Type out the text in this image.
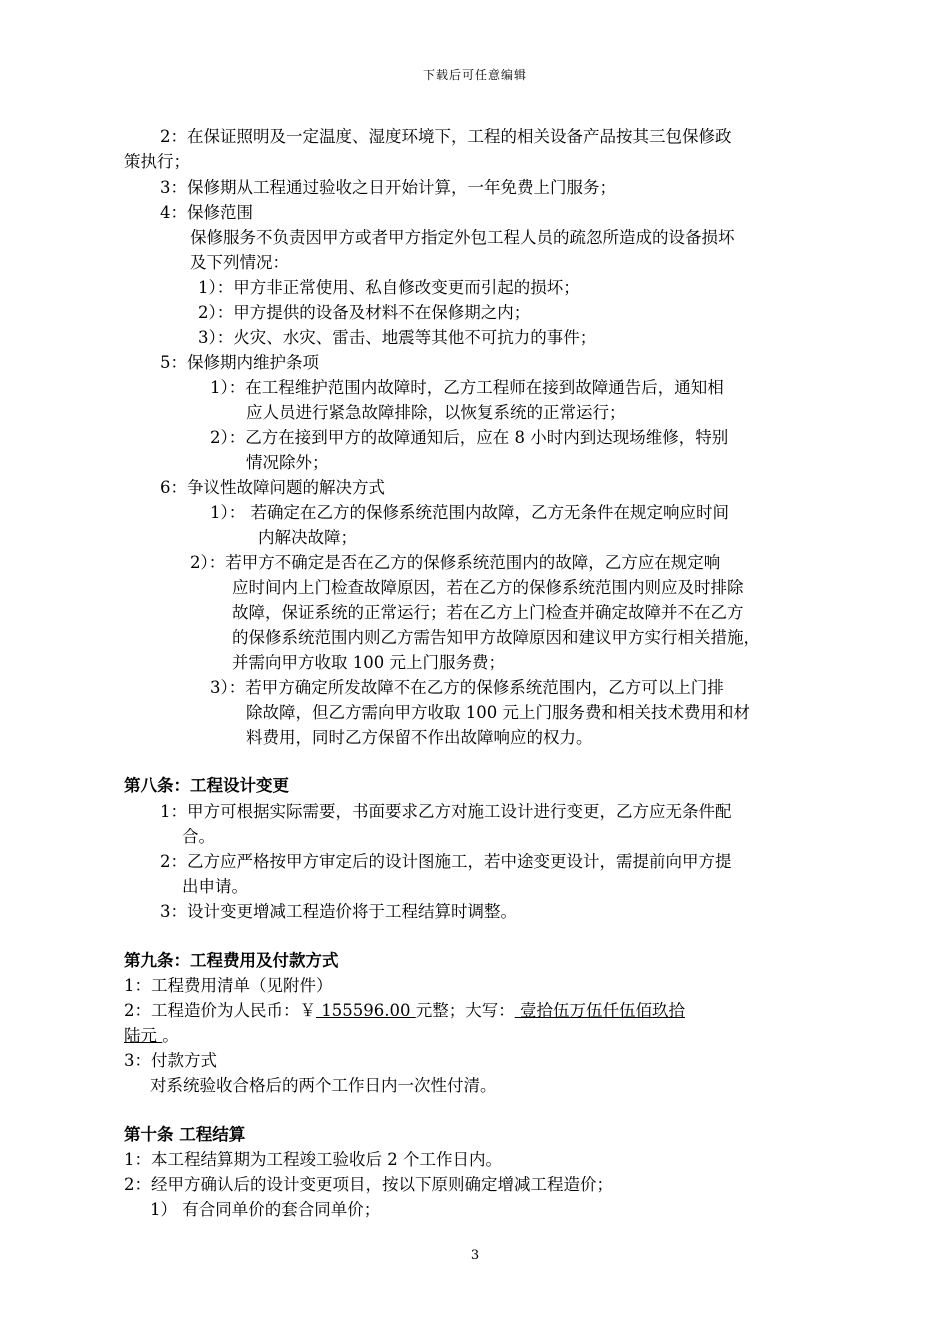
下载后可任意编辑
2：在保证照明及一定温度、湿度环境下，工程的相关设备产品按其三包保修政
策执行；
3：保修期从工程通过验收之日开始计算，一年免费上门服务；
4：保修范围
保修服务不负责因甲方或者甲方指定外包工程人员的疏忽所造成的设备损坏
及下列情况：
1）：甲方非正常使用、私自修改变更而引起的损坏；
2）：甲方提供的设备及材料不在保修期之内；
3）：火灾、水灾、雷击、地震等其他不可抗力的事件；
5：保修期内维护条项
1）：在工程维护范围内故障时，乙方工程师在接到故障通告后，通知相
应人员进行紧急故障排除，以恢复系统的正常运行；
2）：乙方在接到甲方的故障通知后，应在 8 小时内到达现场维修，特别
情况除外；
6：争议性故障问题的解决方式
1）： 若确定在乙方的保修系统范围内故障，乙方无条件在规定响应时间
内解决故障；
2）：若甲方不确定是否在乙方的保修系统范围内的故障，乙方应在规定响
应时间内上门检查故障原因，若在乙方的保修系统范围内则应及时排除
故障，保证系统的正常运行；若在乙方上门检查并确定故障并不在乙方
的保修系统范围内则乙方需告知甲方故障原因和建议甲方实行相关措施，
并需向甲方收取 100 元上门服务费；
3）：若甲方确定所发故障不在乙方的保修系统范围内，乙方可以上门排
除故障，但乙方需向甲方收取 100 元上门服务费和相关技术费用和材
料费用，同时乙方保留不作出故障响应的权力。
第八条：工程设计变更
1：甲方可根据实际需要，书面要求乙方对施工设计进行变更，乙方应无条件配
合。
2：乙方应严格按甲方审定后的设计图施工，若中途变更设计，需提前向甲方提
出申请。
3：设计变更增减工程造价将于工程结算时调整。
第九条：工程费用及付款方式
1：工程费用清单（见附件）
2：工程造价为人民币：￥ 155596.00 元整；大写： 壹拾伍万伍仟伍佰玖拾
陆元 。
3：付款方式
对系统验收合格后的两个工作日内一次性付清。
第十条 工程结算
1：本工程结算期为工程竣工验收后 2 个工作日内。
2：经甲方确认后的设计变更项目，按以下原则确定增减工程造价；
1） 有合同单价的套合同单价；
3
